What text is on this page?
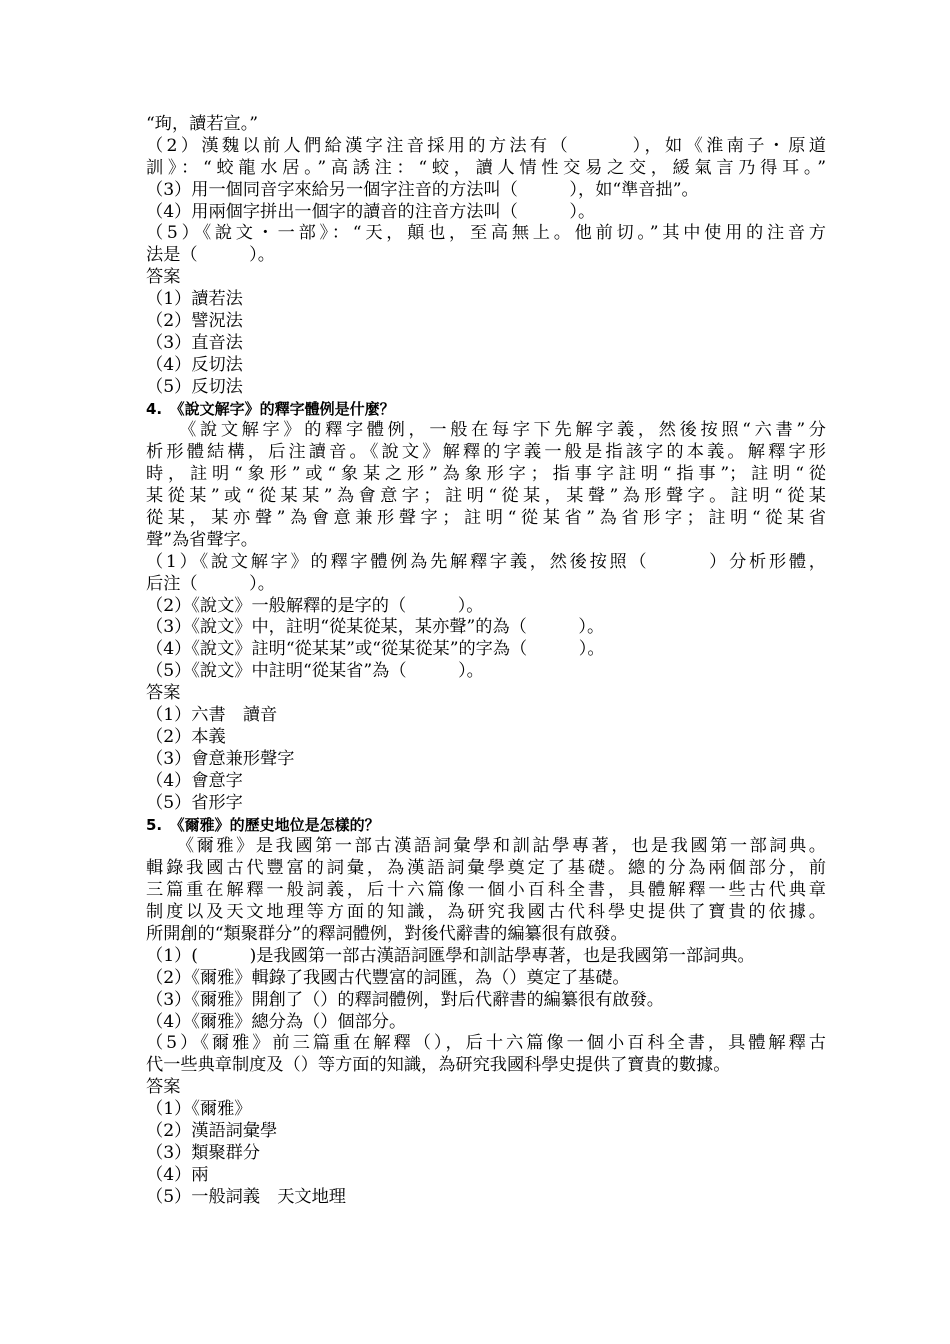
“珣，讀若宣。”
（2）漢魏以前人們給漢字注音採用的方法有（　　　），如《淮南子・原道
訓》：“蛟龍水居。”高誘注：“蛟，讀人情性交易之交，緩氣言乃得耳。”
（3）用一個同音字來給另一個字注音的方法叫（　　　），如“準音拙”。
（4）用兩個字拼出一個字的讀音的注音方法叫（　　　）。
（5）《說文・一部》：“天，顛也，至高無上。他前切。”其中使用的注音方
法是（　　　）。
答案
（1）讀若法
（2）譬況法
（3）直音法
（4）反切法
（5）反切法
4.　《說文解字》的釋字體例是什麼？
　　《說文解字》的釋字體例，一般在每字下先解字義，然後按照“六書”分
析形體結構，后注讀音。《說文》解釋的字義一般是指該字的本義。解釋字形
時，註明“象形”或“象某之形”為象形字；指事字註明“指事”；註明“從
某從某”或“從某某”為會意字；註明“從某，某聲”為形聲字。註明“從某
從某，某亦聲”為會意兼形聲字；註明“從某省”為省形字；註明“從某省
聲”為省聲字。
（1）《說文解字》的釋字體例為先解釋字義，然後按照（　　　）分析形體，
后注（　　　）。
（2）《說文》一般解釋的是字的（　　　）。
（3）《說文》中，註明“從某從某，某亦聲”的為（　　　）。
（4）《說文》註明“從某某”或“從某從某”的字為（　　　）。
（5）《說文》中註明“從某省”為（　　　）。
答案
（1）六書　讀音
（2）本義
（3）會意兼形聲字
（4）會意字
（5）省形字
5.　《爾雅》的歷史地位是怎樣的？
　　《爾雅》是我國第一部古漢語詞彙學和訓詁學專著，也是我國第一部詞典。
輯錄我國古代豐富的詞彙，為漢語詞彙學奠定了基礎。總的分為兩個部分，前
三篇重在解釋一般詞義，后十六篇像一個小百科全書，具體解釋一些古代典章
制度以及天文地理等方面的知識，為研究我國古代科學史提供了寶貴的依據。
所開創的“類聚群分”的釋詞體例，對後代辭書的編纂很有啟發。
（1）(　　　)是我國第一部古漢語詞匯學和訓詁學專著，也是我國第一部詞典。
（2）《爾雅》輯錄了我國古代豐富的詞匯，為（）奠定了基礎。
（3）《爾雅》開創了（）的釋詞體例，對后代辭書的編纂很有啟發。
（4）《爾雅》總分為（）個部分。
（5）《爾雅》前三篇重在解釋（），后十六篇像一個小百科全書，具體解釋古
代一些典章制度及（）等方面的知識，為研究我國科學史提供了寶貴的數據。
答案
（1）《爾雅》
（2）漢語詞彙學
（3）類聚群分
（4）兩
（5）一般詞義　天文地理
